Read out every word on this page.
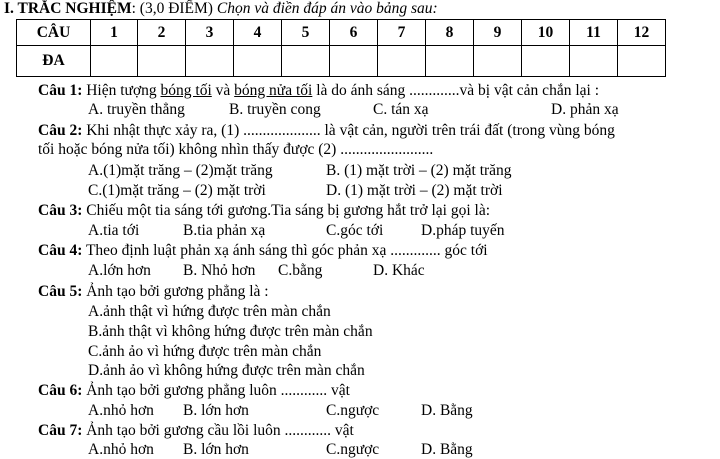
I. TRẮC NGHIỆM: (3,0 ĐIỂM) Chọn và điền đáp án vào bảng sau:
CÂU	1	2	3	4	5	6	7	8	9	10	11	12
ĐA												
Câu 1: Hiện tượng bóng tối và bóng nửa tối là do ánh sáng .............và bị vật cản chắn lại :
A. truyền thẳng	B. truyền cong	C. tán xạ	D. phản xạ
Câu 2: Khi nhật thực xảy ra, (1) .................... là vật cản, người trên trái đất (trong vùng bóng
tối hoặc bóng nửa tối) không nhìn thấy được (2) ........................
A.(1)mặt trăng – (2)mặt trăng	B. (1) mặt trời – (2) mặt trăng
C.(1)mặt trăng – (2) mặt trời	D. (1) mặt trời – (2) mặt trời
Câu 3: Chiếu một tia sáng tới gương.Tia sáng bị gương hắt trở lại gọi là:
A.tia tới	B.tia phản xạ	C.góc tới D.pháp tuyến
Câu 4: Theo định luật phản xạ ánh sáng thì góc phản xạ ............. góc tới
A.lớn hơn B. Nhỏ hơn C.bằng	D. Khác
Câu 5: Ảnh tạo bởi gương phẳng là :
A.ảnh thật vì hứng được trên màn chắn
B.ảnh thật vì không hứng được trên màn chắn
C.ảnh ảo vì hứng được trên màn chắn
D.ảnh ảo vì không hứng được trên màn chắn
Câu 6: Ảnh tạo bởi gương phẳng luôn ............ vật
A.nhỏ hơn B. lớn hơn	C.ngược	D. Bằng
Câu 7: Ảnh tạo bởi gương cầu lồi luôn ............ vật
A.nhỏ hơn B. lớn hơn	C.ngược	D. Bằng
